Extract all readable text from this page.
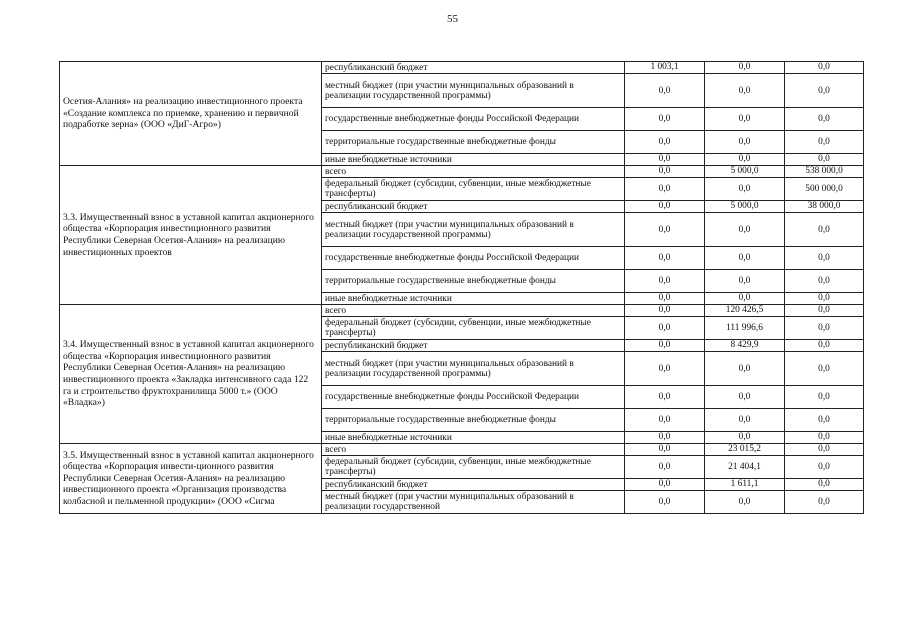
55
Осетия-Алания» на реализацию инвестиционного проекта «Создание комплекса по приемке, хранению и первичной подработке зерна» (ООО «ДиГ-Агро»)	республиканский бюджет	1 003,1	0,0	0,0
	местный бюджет (при участии муниципальных образований в реализации государственной программы)	0,0	0,0	0,0
	государственные внебюджетные фонды Российской Федерации	0,0	0,0	0,0
	территориальные государственные внебюджетные фонды	0,0	0,0	0,0
	иные внебюджетные источники	0,0	0,0	0,0
3.3. Имущественный взнос в уставной капитал акционерного общества «Корпорация инвестиционного развития Республики Северная Осетия-Алания» на реализацию инвестиционных проектов	всего	0,0	5 000,0	538 000,0
	федеральный бюджет (субсидии, субвенции, иные межбюджетные трансферты)	0,0	0,0	500 000,0
	республиканский бюджет	0,0	5 000,0	38 000,0
	местный бюджет (при участии муниципальных образований в реализации государственной программы)	0,0	0,0	0,0
	государственные внебюджетные фонды Российской Федерации	0,0	0,0	0,0
	территориальные государственные внебюджетные фонды	0,0	0,0	0,0
	иные внебюджетные источники	0,0	0,0	0,0
3.4. Имущественный взнос в уставной капитал акционерного общества «Корпорация инвестиционного развития Республики Северная Осетия-Алания» на реализацию инвестиционного проекта «Закладка интенсивного сада 122 га и строительство фруктохранилища 5000 т.» (ООО «Владка»)	всего	0,0	120 426,5	0,0
	федеральный бюджет (субсидии, субвенции, иные межбюджетные трансферты)	0,0	111 996,6	0,0
	республиканский бюджет	0,0	8 429,9	0,0
	местный бюджет (при участии муниципальных образований в реализации государственной программы)	0,0	0,0	0,0
	государственные внебюджетные фонды Российской Федерации	0,0	0,0	0,0
	территориальные государственные внебюджетные фонды	0,0	0,0	0,0
	иные внебюджетные источники	0,0	0,0	0,0
3.5. Имущественный взнос в уставной капитал акционерного общества «Корпорация инвести-ционного развития Республики Северная Осетия-Алания» на реализацию инвестиционного проекта «Организация производства колбасной и пельменной продукции» (ООО «Сигма	всего	0,0	23 015,2	0,0
	федеральный бюджет (субсидии, субвенции, иные межбюджетные трансферты)	0,0	21 404,1	0,0
	республиканский бюджет	0,0	1 611,1	0,0
	местный бюджет (при участии муниципальных образований в реализации государственной	0,0	0,0	0,0
